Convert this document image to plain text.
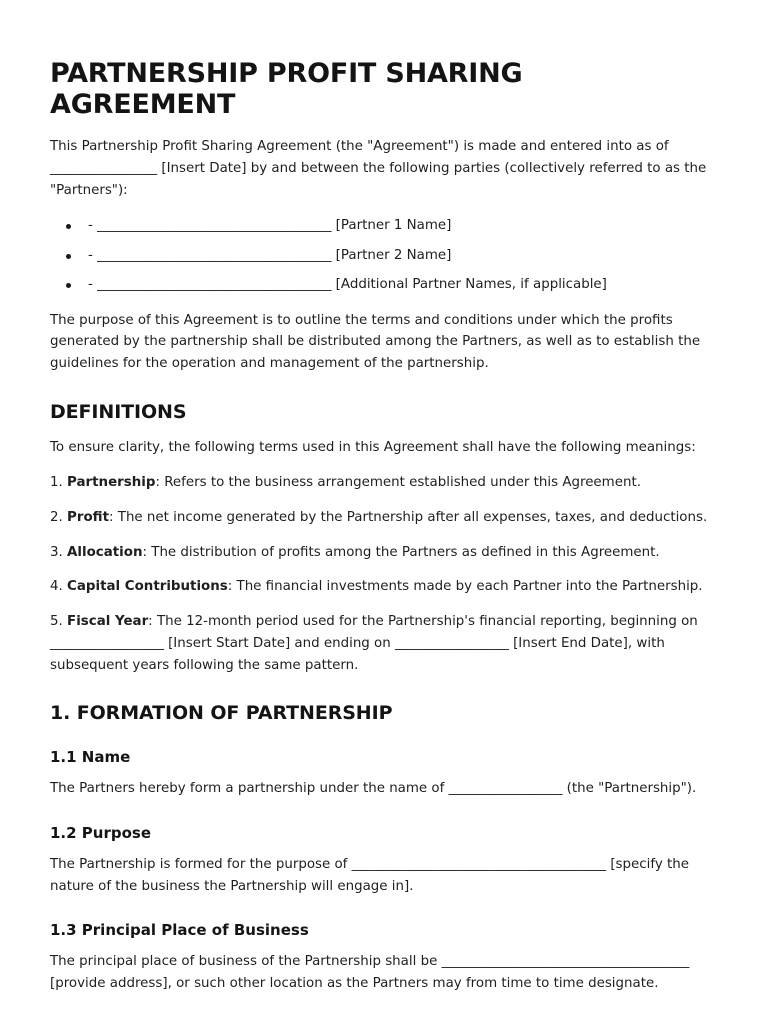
PARTNERSHIP PROFIT SHARING AGREEMENT

This Partnership Profit Sharing Agreement (the "Agreement") is made and entered into as of ________________ [Insert Date] by and between the following parties (collectively referred to as the "Partners"):

- ___________________________________ [Partner 1 Name]
- ___________________________________ [Partner 2 Name]
- ___________________________________ [Additional Partner Names, if applicable]

The purpose of this Agreement is to outline the terms and conditions under which the profits generated by the partnership shall be distributed among the Partners, as well as to establish the guidelines for the operation and management of the partnership.

DEFINITIONS

To ensure clarity, the following terms used in this Agreement shall have the following meanings:

1. Partnership: Refers to the business arrangement established under this Agreement.

2. Profit: The net income generated by the Partnership after all expenses, taxes, and deductions.

3. Allocation: The distribution of profits among the Partners as defined in this Agreement.

4. Capital Contributions: The financial investments made by each Partner into the Partnership.

5. Fiscal Year: The 12-month period used for the Partnership's financial reporting, beginning on _________________ [Insert Start Date] and ending on _________________ [Insert End Date], with subsequent years following the same pattern.

1. FORMATION OF PARTNERSHIP
1.1 Name

The Partners hereby form a partnership under the name of _________________ (the "Partnership").

1.2 Purpose

The Partnership is formed for the purpose of ______________________________________ [specify the nature of the business the Partnership will engage in].

1.3 Principal Place of Business

The principal place of business of the Partnership shall be _____________________________________ [provide address], or such other location as the Partners may from time to time designate.
